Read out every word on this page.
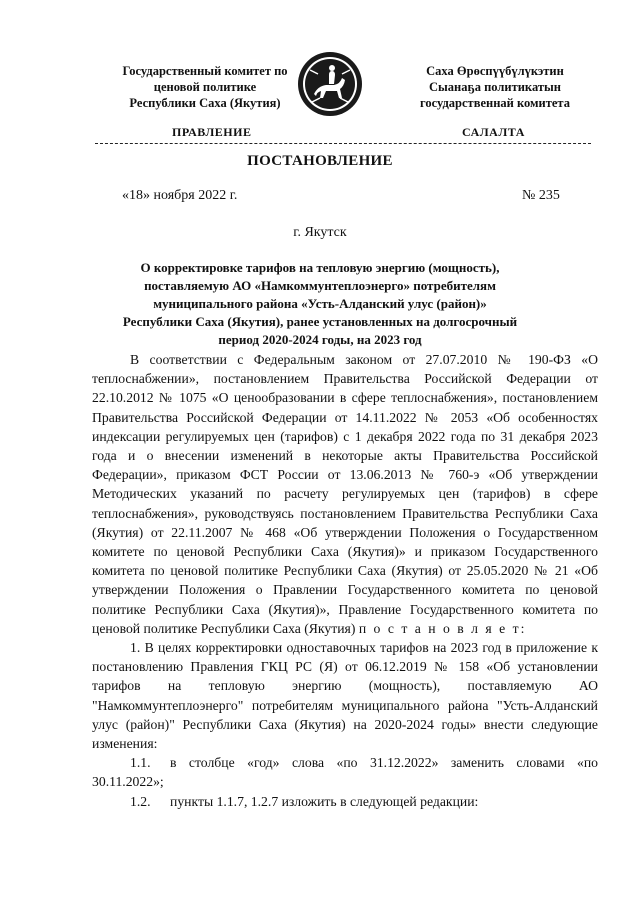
Государственный комитет по
ценовой политике
Республики Саха (Якутия)
Саха Өрөспүүбүлүкэтин
Сыанаҕа политикатын
государственнай комитета
ПРАВЛЕНИЕ	САЛАЛТА
ПОСТАНОВЛЕНИЕ
«18» ноября 2022 г.	№ 235
г. Якутск
О корректировке тарифов на тепловую энергию (мощность),
поставляемую АО «Намкоммунтеплоэнерго» потребителям
муниципального района «Усть-Алданский улус (район)»
Республики Саха (Якутия), ранее установленных на долгосрочный
период 2020-2024 годы, на 2023 год

В соответствии с Федеральным законом от 27.07.2010 № 190-ФЗ «О теплоснабжении», постановлением Правительства Российской Федерации от 22.10.2012 № 1075 «О ценообразовании в сфере теплоснабжения», постановлением Правительства Российской Федерации от 14.11.2022 № 2053 «Об особенностях индексации регулируемых цен (тарифов) с 1 декабря 2022 года по 31 декабря 2023 года и о внесении изменений в некоторые акты Правительства Российской Федерации», приказом ФСТ России от 13.06.2013 № 760-э «Об утверждении Методических указаний по расчету регулируемых цен (тарифов) в сфере теплоснабжения», руководствуясь постановлением Правительства Республики Саха (Якутия) от 22.11.2007 № 468 «Об утверждении Положения о Государственном комитете по ценовой Республики Саха (Якутия)» и приказом Государственного комитета по ценовой политике Республики Саха (Якутия) от 25.05.2020 № 21 «Об утверждении Положения о Правлении Государственного комитета по ценовой политике Республики Саха (Якутия)», Правление Государственного комитета по ценовой политике Республики Саха (Якутия) п о с т а н о в л я е т:

1. В целях корректировки одноставочных тарифов на 2023 год в приложение к постановлению Правления ГКЦ РС (Я) от 06.12.2019 № 158 «Об установлении тарифов на тепловую энергию (мощность), поставляемую АО "Намкоммунтеплоэнерго" потребителям муниципального района "Усть-Алданский улус (район)" Республики Саха (Якутия) на 2020-2024 годы» внести следующие изменения:

1.1. в столбце «год» слова «по 31.12.2022» заменить словами «по 30.11.2022»;

1.2. пункты 1.1.7, 1.2.7 изложить в следующей редакции:
